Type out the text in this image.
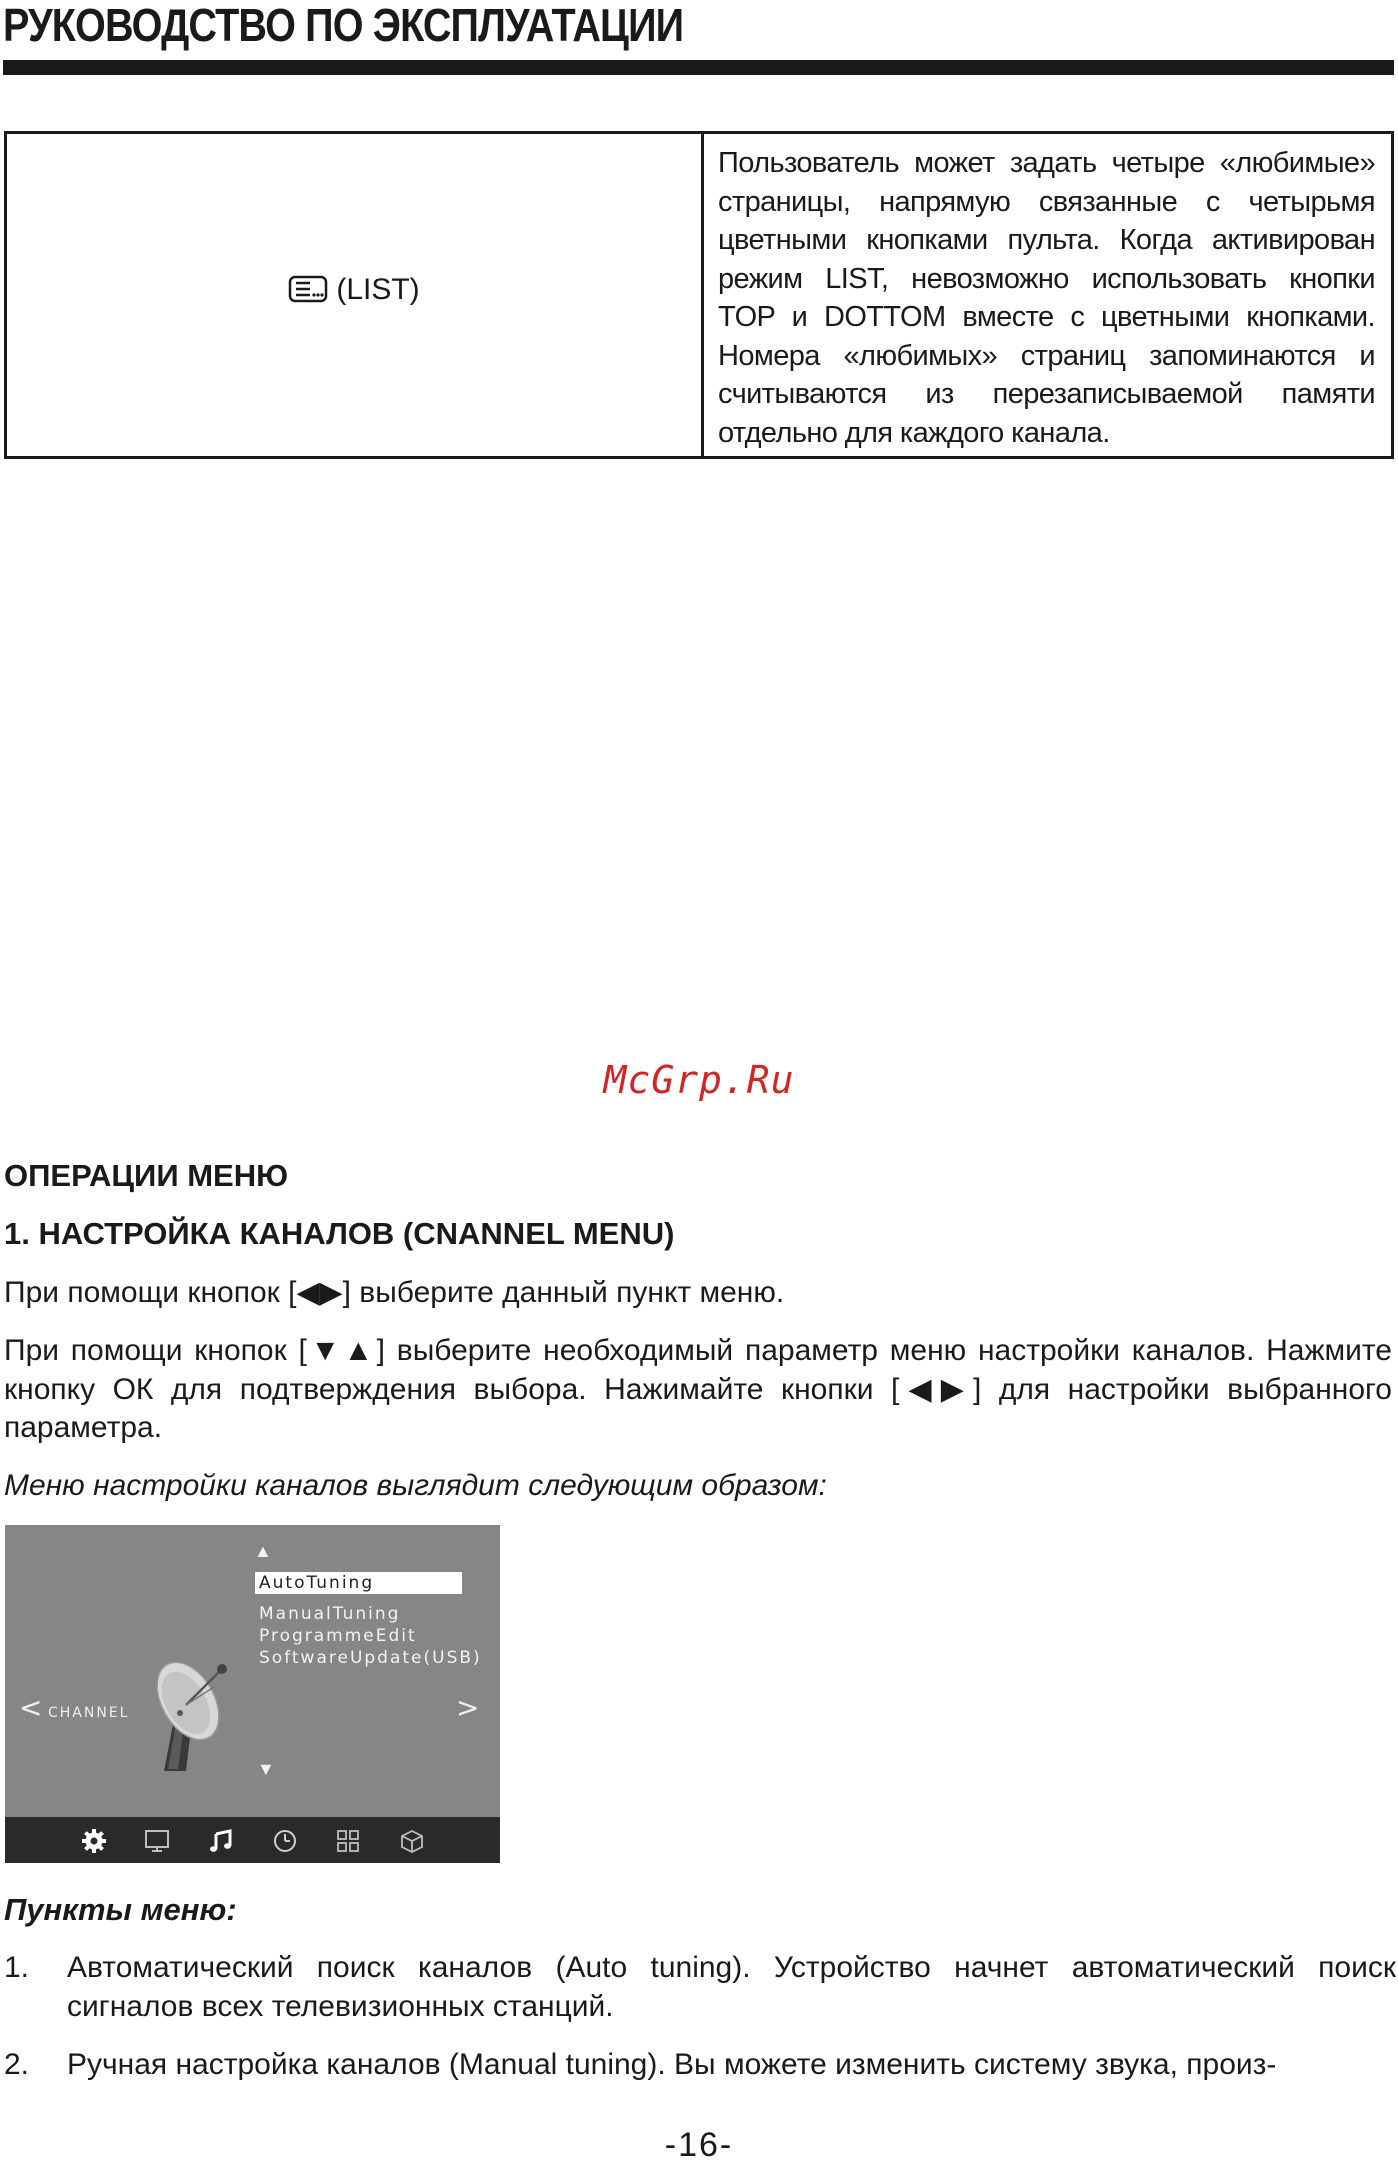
РУКОВОДСТВО ПО ЭКСПЛУАТАЦИИ
(LIST)

Пользователь может задать четыре «любимые» страницы, напрямую связанные с четырьмя цветными кнопками пульта. Когда активирован режим LIST, невозможно использовать кнопки TOP и DOTTOM вместе с цветными кнопками. Номера «любимых» страниц запоминаются и считываются из перезаписываемой памяти отдельно для каждого канала.

McGrp.Ru
ОПЕРАЦИИ МЕНЮ
1. НАСТРОЙКА КАНАЛОВ (CNANNEL MENU)

При помощи кнопок [◀▶] выберите данный пункт меню.

При помощи кнопок [▼▲] выберите необходимый параметр меню настройки каналов. Нажмите кнопку ОК для подтверждения выбора. Нажимайте кнопки [◀▶] для настройки выбранного параметра.

Меню настройки каналов выглядит следующим образом:

▲
AutoTuning
ManualTuning
ProgrammeEdit
SoftwareUpdate(USB)
< CHANNEL	>
▼

Пункты меню:

1. Автоматический поиск каналов (Auto tuning). Устройство начнет автоматический поиск сигналов всех телевизионных станций.
2. Ручная настройка каналов (Manual tuning). Вы можете изменить систему звука, произ-
-16-
